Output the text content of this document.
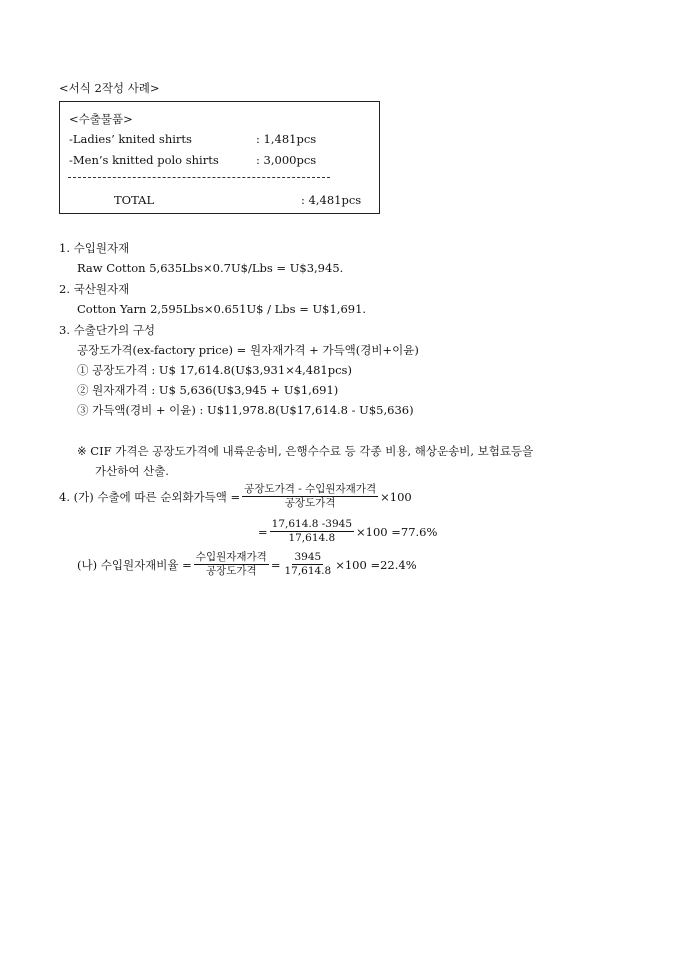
<서식 2작성 사례>
<수출물품>
-Ladies’ knited shirts	: 1,481pcs
-Men’s knitted polo shirts	: 3,000pcs
TOTAL	: 4,481pcs
1. 수입원자재
Raw Cotton 5,635Lbs×0.7U$/Lbs = U$3,945.
2. 국산원자재
Cotton Yarn 2,595Lbs×0.651U$ / Lbs = U$1,691.
3. 수출단가의 구성
공장도가격(ex-factory price) = 원자재가격 + 가득액(경비+이윤)
① 공장도가격 : U$ 17,614.8(U$3,931×4,481pcs)
② 원자재가격 : U$ 5,636(U$3,945 + U$1,691)
③ 가득액(경비 + 이윤) : U$11,978.8(U$17,614.8 - U$5,636)
※ CIF 가격은 공장도가격에 내륙운송비, 은행수수료 등 각종 비용, 해상운송비, 보험료등을
가산하여 산출.
4. (가) 수출에 따른 순외화가득액 = $\frac{\text{공장도가격 - 수입원자재가격}}{\text{공장도가격}} \times 100$
= $\frac{17,614.8 -3945}{17,614.8} \times 100 =77.6\%$
(나) 수입원자재비율 = $\frac{\text{수입원자재가격}}{\text{공장도가격}} = \frac{3945}{17,614.8} \times 100 =22.4\%$
